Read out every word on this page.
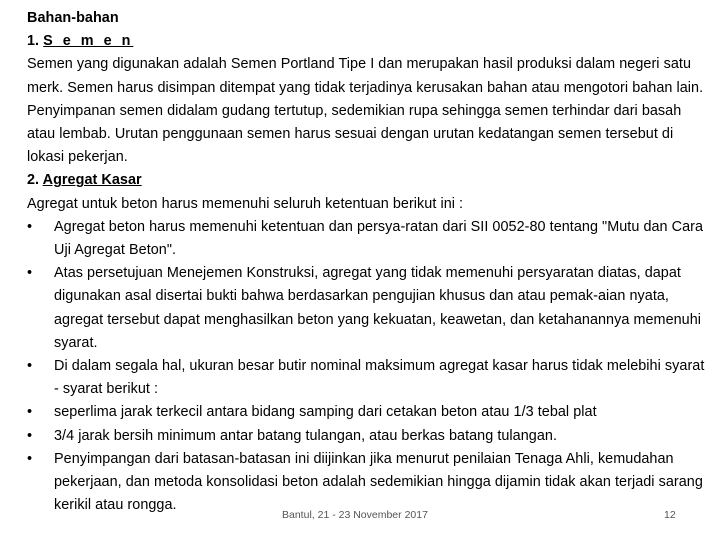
Bahan-bahan
1. S e m e n
Semen yang digunakan adalah Semen Portland Tipe I dan merupakan hasil produksi dalam negeri satu merk. Semen harus disimpan ditempat yang tidak terjadinya kerusakan bahan atau mengotori bahan lain. Penyimpanan semen didalam gudang tertutup, sedemikian rupa sehingga semen terhindar dari basah atau lembab. Urutan penggunaan semen harus sesuai dengan urutan kedatangan semen tersebut di lokasi pekerjan.
2. Agregat Kasar
Agregat untuk beton harus memenuhi seluruh ketentuan berikut ini :
• Agregat beton harus memenuhi ketentuan dan persya-ratan dari SII 0052-80 tentang "Mutu dan Cara Uji Agregat Beton".
• Atas persetujuan Menejemen Konstruksi, agregat yang tidak memenuhi persyaratan diatas, dapat digunakan asal disertai bukti bahwa berdasarkan pengujian khusus dan atau pemak-aian nyata, agregat tersebut dapat menghasilkan beton yang kekuatan, keawetan, dan ketahanannya memenuhi syarat.
• Di dalam segala hal, ukuran besar butir nominal maksimum agregat kasar harus tidak melebihi syarat - syarat berikut :
• seperlima jarak terkecil antara bidang samping dari cetakan beton atau 1/3 tebal plat
• 3/4 jarak bersih minimum antar batang tulangan, atau berkas batang tulangan.
• Penyimpangan dari batasan-batasan ini diijinkan jika menurut penilaian Tenaga Ahli, kemudahan pekerjaan, dan metoda konsolidasi beton adalah sedemikian hingga dijamin tidak akan terjadi sarang kerikil atau rongga.
Bantul, 21 - 23 November 2017	12
